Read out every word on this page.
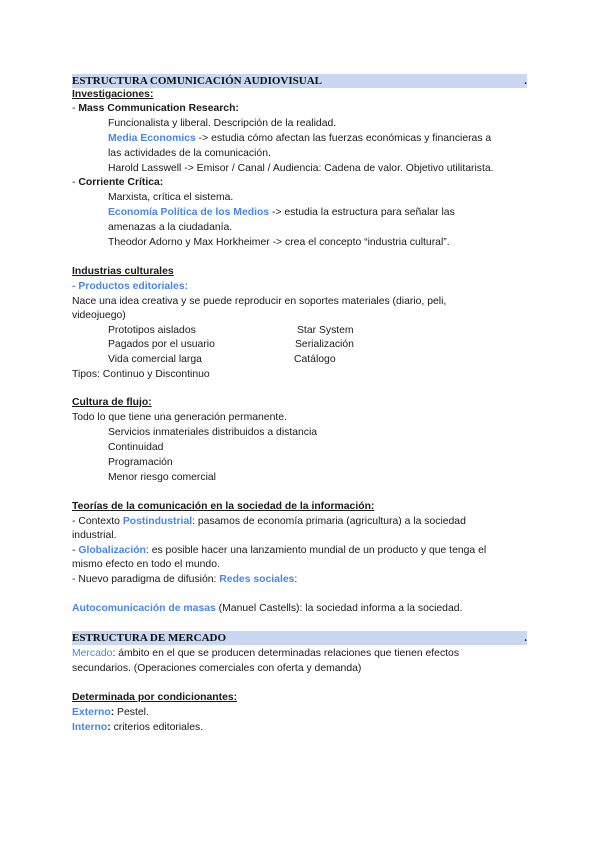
ESTRUCTURA COMUNICACIÓN AUDIOVISUAL	.
Investigaciones:
- Mass Communication Research:
Funcionalista y liberal. Descripción de la realidad.
Media Economics -> estudia cómo afectan las fuerzas económicas y financieras a
las actividades de la comunicación.
Harold Lasswell -> Emisor / Canal / Audiencia: Cadena de valor. Objetivo utilitarista.
- Corriente Crítica:
Marxista, crítica el sistema.
Economía Política de los Medios -> estudia la estructura para señalar las
amenazas a la ciudadanía.
Theodor Adorno y Max Horkheimer -> crea el concepto “industria cultural”.
Industrias culturales
- Productos editoriales:
Nace una idea creativa y se puede reproducir en soportes materiales (diario, peli,
videojuego)
Prototipos aislados	Star System
Pagados por el usuario	Serialización
Vida comercial larga	Catálogo
Tipos: Continuo y Discontinuo
Cultura de flujo:
Todo lo que tiene una generación permanente.
Servicios inmateriales distribuidos a distancia
Continuidad
Programación
Menor riesgo comercial
Teorías de la comunicación en la sociedad de la información:
- Contexto Postindustrial: pasamos de economía primaria (agricultura) a la sociedad
industrial.
- Globalización: es posible hacer una lanzamiento mundial de un producto y que tenga el
mismo efecto en todo el mundo.
- Nuevo paradigma de difusión: Redes sociales:
Autocomunicación de masas (Manuel Castells): la sociedad informa a la sociedad.
ESTRUCTURA DE MERCADO	.
Mercado: ámbito en el que se producen determinadas relaciones que tienen efectos
secundarios. (Operaciones comerciales con oferta y demanda)
Determinada por condicionantes:
Externo: Pestel.
Interno: criterios editoriales.
